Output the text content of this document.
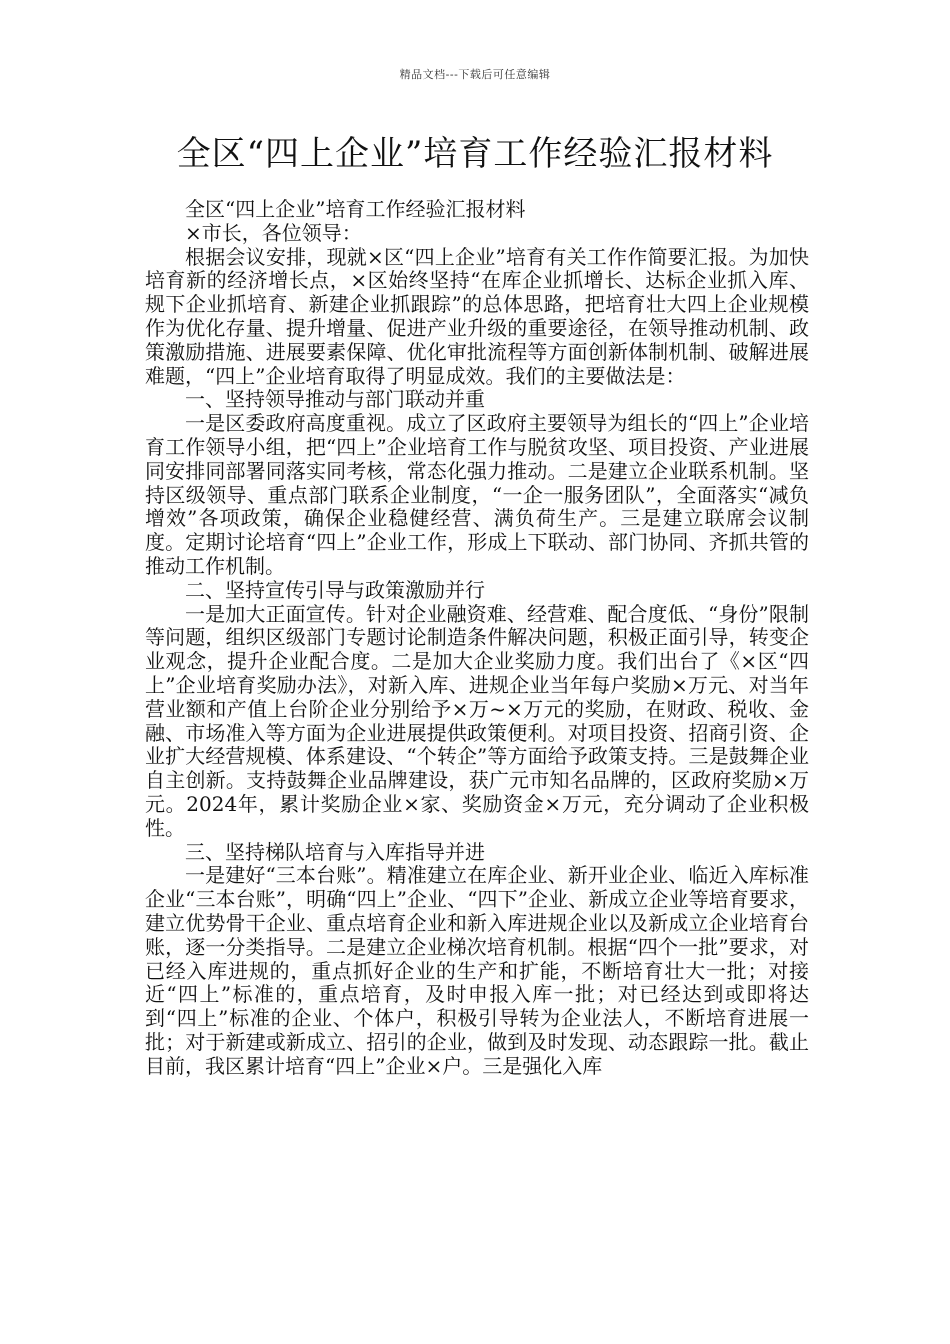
精品文档---下载后可任意编辑
全区“四上企业”培育工作经验汇报材料

全区“四上企业”培育工作经验汇报材料

×市长，各位领导：

根据会议安排，现就×区“四上企业”培育有关工作作简要汇报。为加快培育新的经济增长点，×区始终坚持“在库企业抓增长、达标企业抓入库、规下企业抓培育、新建企业抓跟踪”的总体思路，把培育壮大四上企业规模作为优化存量、提升增量、促进产业升级的重要途径，在领导推动机制、政策激励措施、进展要素保障、优化审批流程等方面创新体制机制、破解进展难题，“四上”企业培育取得了明显成效。我们的主要做法是：

一、坚持领导推动与部门联动并重

一是区委政府高度重视。成立了区政府主要领导为组长的“四上”企业培育工作领导小组，把“四上”企业培育工作与脱贫攻坚、项目投资、产业进展同安排同部署同落实同考核，常态化强力推动。二是建立企业联系机制。坚持区级领导、重点部门联系企业制度，“一企一服务团队”，全面落实“减负增效”各项政策，确保企业稳健经营、满负荷生产。三是建立联席会议制度。定期讨论培育“四上”企业工作，形成上下联动、部门协同、齐抓共管的推动工作机制。

二、坚持宣传引导与政策激励并行

一是加大正面宣传。针对企业融资难、经营难、配合度低、“身份”限制等问题，组织区级部门专题讨论制造条件解决问题，积极正面引导，转变企业观念，提升企业配合度。二是加大企业奖励力度。我们出台了《×区“四上”企业培育奖励办法》，对新入库、进规企业当年每户奖励×万元、对当年营业额和产值上台阶企业分别给予×万~×万元的奖励，在财政、税收、金融、市场准入等方面为企业进展提供政策便利。对项目投资、招商引资、企业扩大经营规模、体系建设、“个转企”等方面给予政策支持。三是鼓舞企业自主创新。支持鼓舞企业品牌建设，获广元市知名品牌的，区政府奖励×万元。2024年，累计奖励企业×家、奖励资金×万元，充分调动了企业积极性。

三、坚持梯队培育与入库指导并进

一是建好“三本台账”。精准建立在库企业、新开业企业、临近入库标准企业“三本台账”，明确“四上”企业、“四下”企业、新成立企业等培育要求，建立优势骨干企业、重点培育企业和新入库进规企业以及新成立企业培育台账，逐一分类指导。二是建立企业梯次培育机制。根据“四个一批”要求，对已经入库进规的，重点抓好企业的生产和扩能，不断培育壮大一批；对接近“四上”标准的，重点培育，及时申报入库一批；对已经达到或即将达到“四上”标准的企业、个体户，积极引导转为企业法人，不断培育进展一批；对于新建或新成立、招引的企业，做到及时发现、动态跟踪一批。截止目前，我区累计培育“四上”企业×户。三是强化入库
